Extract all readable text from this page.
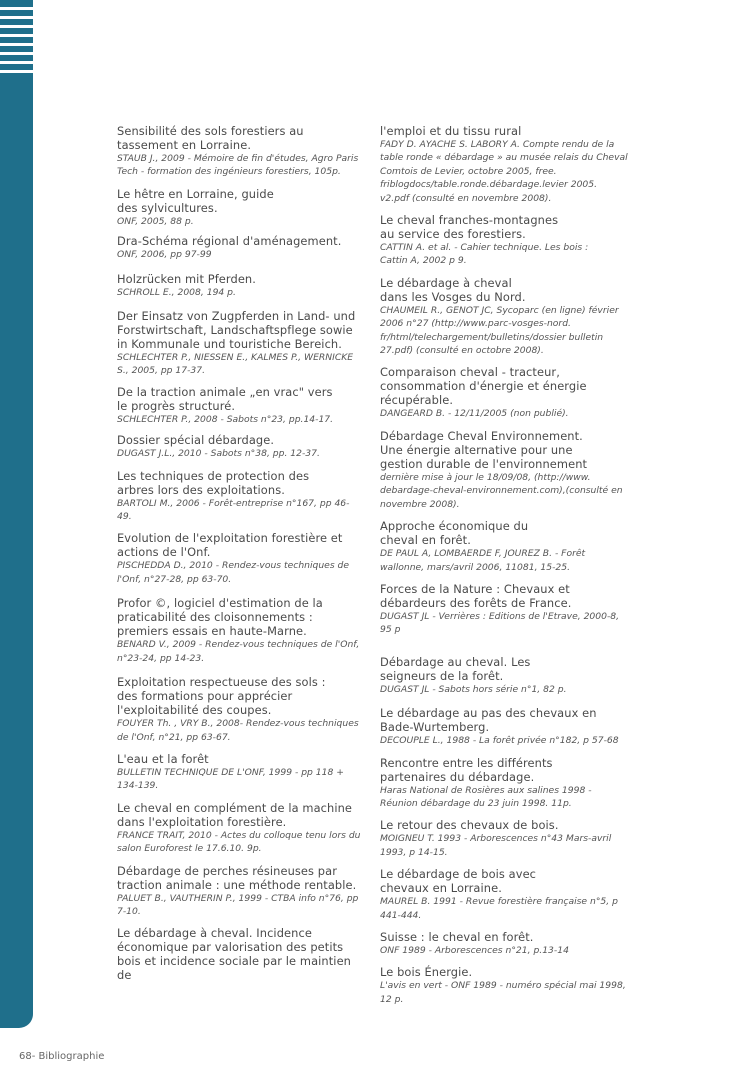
Sensibilité des sols forestiers au tassement en Lorraine.
STAUB J., 2009 - Mémoire de fin d'études, Agro Paris Tech - formation des ingénieurs forestiers, 105p.
Le hêtre en Lorraine, guide des sylvicultures.
ONF, 2005, 88 p.
Dra-Schéma régional d'aménagement.
ONF, 2006, pp 97-99
Holzrücken mit Pferden.
SCHROLL E., 2008, 194 p.
Der Einsatz von Zugpferden in Land- und Forstwirtschaft, Landschaftspflege sowie in Kommunale und touristiche Bereich.
SCHLECHTER P., NIESSEN E., KALMES P., WERNICKE S., 2005, pp 17-37.
De la traction animale „en vrac" vers le progrès structuré.
SCHLECHTER P., 2008 - Sabots n°23, pp.14-17.
Dossier spécial débardage.
DUGAST J.L., 2010 - Sabots n°38, pp. 12-37.
Les techniques de protection des arbres lors des exploitations.
BARTOLI M., 2006 - Forêt-entreprise n°167, pp 46-49.
Evolution de l'exploitation forestière et actions de l'Onf.
PISCHEDDA D., 2010 - Rendez-vous techniques de l'Onf, n°27-28, pp 63-70.
Profor ©, logiciel d'estimation de la praticabilité des cloisonnements : premiers essais en haute-Marne.
BENARD V., 2009 - Rendez-vous techniques de l'Onf, n°23-24, pp 14-23.
Exploitation respectueuse des sols : des formations pour apprécier l'exploitabilité des coupes.
FOUYER Th. , VRY B., 2008- Rendez-vous techniques de l'Onf, n°21, pp 63-67.
L'eau et la forêt
BULLETIN TECHNIQUE DE L'ONF, 1999 - pp 118 + 134-139.
Le cheval en complément de la machine dans l'exploitation forestière.
FRANCE TRAIT, 2010 - Actes du colloque tenu lors du salon Euroforest le 17.6.10. 9p.
Débardage de perches résineuses par traction animale : une méthode rentable.
PALUET B., VAUTHERIN P., 1999 - CTBA info n°76, pp 7-10.
Le débardage à cheval. Incidence économique par valorisation des petits bois et incidence sociale par le maintien de
l'emploi et du tissu rural
FADY D. AYACHE S. LABORY A. Compte rendu de la table ronde « débardage » au musée relais du Cheval Comtois de Levier, octobre 2005, free. friblogdocs/table.ronde.débardage.levier 2005. v2.pdf (consulté en novembre 2008).
Le cheval franches-montagnes au service des forestiers.
CATTIN A. et al. - Cahier technique. Les bois : Cattin A, 2002 p 9.
Le débardage à cheval dans les Vosges du Nord.
CHAUMEIL R., GENOT JC, Sycoparc (en ligne) février 2006 n°27 (http://www.parc-vosges-nord. fr/html/telechargement/bulletins/dossier bulletin 27.pdf) (consulté en octobre 2008).
Comparaison cheval - tracteur, consommation d'énergie et énergie récupérable.
DANGEARD B. - 12/11/2005 (non publié).
Débardage Cheval Environnement. Une énergie alternative pour une gestion durable de l'environnement
dernière mise à jour le 18/09/08, (http://www. debardage-cheval-environnement.com),(consulté en novembre 2008).
Approche économique du cheval en forêt.
DE PAUL A, LOMBAERDE F, JOUREZ B. - Forêt wallonne, mars/avril 2006, 11081, 15-25.
Forces de la Nature : Chevaux et débardeurs des forêts de France.
DUGAST JL - Verrières : Editions de l'Etrave, 2000-8, 95 p
Débardage au cheval. Les seigneurs de la forêt.
DUGAST JL - Sabots hors série n°1, 82 p.
Le débardage au pas des chevaux en Bade-Wurtemberg.
DECOUPLE L., 1988 - La forêt privée n°182, p 57-68
Rencontre entre les différents partenaires du débardage.
Haras National de Rosières aux salines 1998 - Réunion débardage du 23 juin 1998. 11p.
Le retour des chevaux de bois.
MOIGNEU T. 1993 - Arborescences n°43 Mars-avril 1993, p 14-15.
Le débardage de bois avec chevaux en Lorraine.
MAUREL B. 1991 - Revue forestière française n°5, p 441-444.
Suisse : le cheval en forêt.
ONF 1989 - Arborescences n°21, p.13-14
Le bois Énergie.
L'avis en vert - ONF 1989 - numéro spécial mai 1998, 12 p.
68- Bibliographie
